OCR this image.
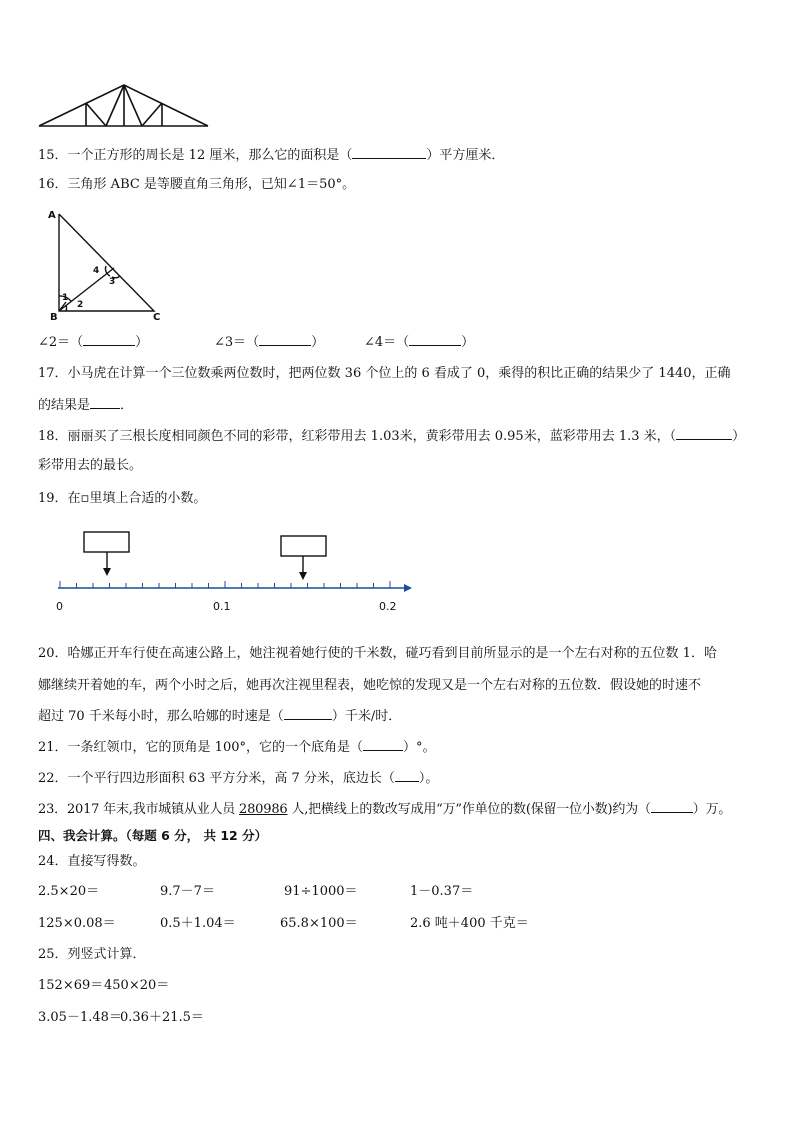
15．一个正方形的周长是 12 厘米，那么它的面积是（	）平方厘米．
16．三角形 ABC 是等腰直角三角形，已知∠1＝50°。
A
B	C
1
2
3
4
∠2＝（	）	∠3＝（	）	∠4＝（	）
17．小马虎在计算一个三位数乘两位数时，把两位数 36 个位上的 6 看成了 0，乘得的积比正确的结果少了 1440，正确
的结果是 ．
18．丽丽买了三根长度相同颜色不同的彩带，红彩带用去 1.03米，黄彩带用去 0.95米，蓝彩带用去 1.3 米，（	）
彩带用去的最长。
19．在▫里填上合适的小数。
0	0.1	0.2
20．哈娜正开车行使在高速公路上，她注视着她行使的千米数，碰巧看到目前所显示的是一个左右对称的五位数 1．哈
娜继续开着她的车，两个小时之后，她再次注视里程表，她吃惊的发现又是一个左右对称的五位数．假设她的时速不
超过 70 千米每小时，那么哈娜的时速是（	）千米/时．
21．一条红领巾，它的顶角是 100°，它的一个底角是（	）°。
22．一个平行四边形面积 63 平方分米，高 7 分米，底边长（ ）。
23．2017 年末,我市城镇从业人员 280986 人,把横线上的数改写成用“万”作单位的数(保留一位小数)约为（	）万。
四、我会计算。（每题 6 分， 共 12 分）
24．直接写得数。
2.5×20＝	9.7－7＝	91÷1000＝	1－0.37＝
125×0.08＝	0.5＋1.04＝	65.8×100＝	2.6 吨＋400 千克＝
25．列竖式计算．
152×69＝ 450×20＝
3.05－1.48＝
0.36＋21.5＝
